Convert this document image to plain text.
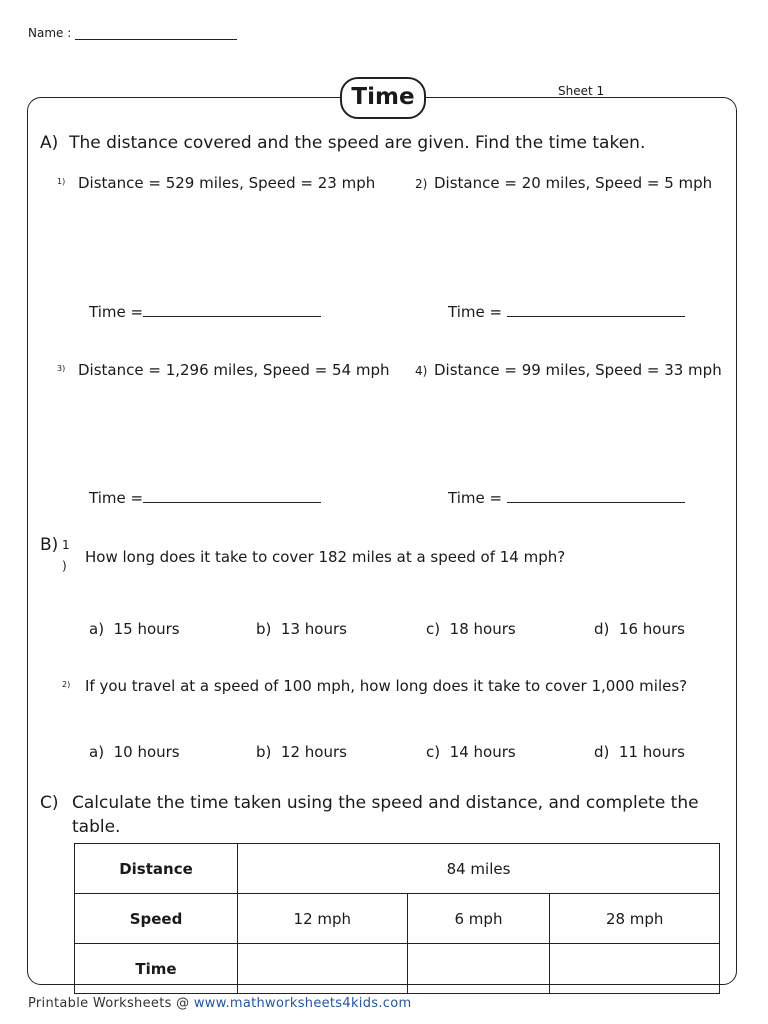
Name :
Sheet 1
Time
A) The distance covered and the speed are given. Find the time taken.
1) Distance = 529 miles, Speed = 23 mph
Time =
2) Distance = 20 miles, Speed = 5 mph
Time =
3) Distance = 1,296 miles, Speed = 54 mph
Time =
4) Distance = 99 miles, Speed = 33 mph
Time =
B) 1
) How long does it take to cover 182 miles at a speed of 14 mph?
a) 15 hours	b) 13 hours	c) 18 hours	d) 16 hours
2) If you travel at a speed of 100 mph, how long does it take to cover 1,000 miles?
a) 10 hours	b) 12 hours	c) 14 hours	d) 11 hours
C) Calculate the time taken using the speed and distance, and complete the
table.
Distance	84 miles		
Speed	12 mph	6 mph	28 mph
Time			
Printable Worksheets @ www.mathworksheets4kids.com
